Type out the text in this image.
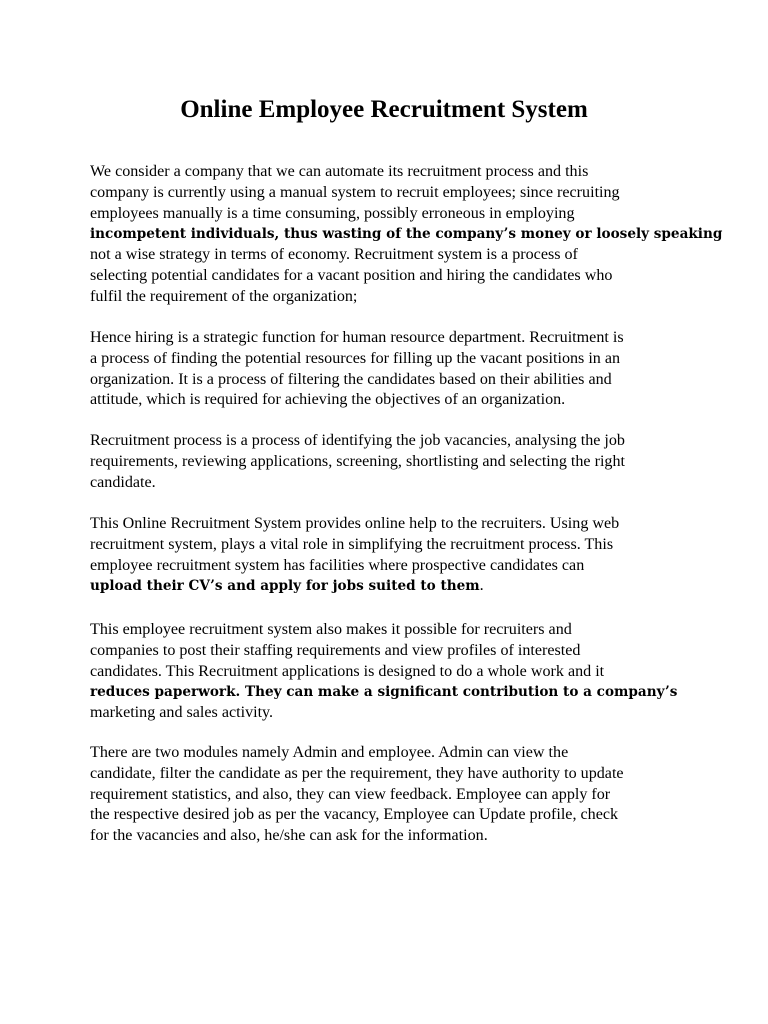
Online Employee Recruitment System
We consider a company that we can automate its recruitment process and this
company is currently using a manual system to recruit employees; since recruiting
employees manually is a time consuming, possibly erroneous in employing
incompetent individuals, thus wasting of the company’s money or loosely speaking
not a wise strategy in terms of economy. Recruitment system is a process of
selecting potential candidates for a vacant position and hiring the candidates who
fulfil the requirement of the organization;
Hence hiring is a strategic function for human resource department. Recruitment is
a process of finding the potential resources for filling up the vacant positions in an
organization. It is a process of filtering the candidates based on their abilities and
attitude, which is required for achieving the objectives of an organization.
Recruitment process is a process of identifying the job vacancies, analysing the job
requirements, reviewing applications, screening, shortlisting and selecting the right
candidate.
This Online Recruitment System provides online help to the recruiters. Using web
recruitment system, plays a vital role in simplifying the recruitment process. This
employee recruitment system has facilities where prospective candidates can
upload their CV’s and apply for jobs suited to them.
This employee recruitment system also makes it possible for recruiters and
companies to post their staffing requirements and view profiles of interested
candidates. This Recruitment applications is designed to do a whole work and it
reduces paperwork. They can make a significant contribution to a company’s
marketing and sales activity.
There are two modules namely Admin and employee. Admin can view the
candidate, filter the candidate as per the requirement, they have authority to update
requirement statistics, and also, they can view feedback. Employee can apply for
the respective desired job as per the vacancy, Employee can Update profile, check
for the vacancies and also, he/she can ask for the information.
